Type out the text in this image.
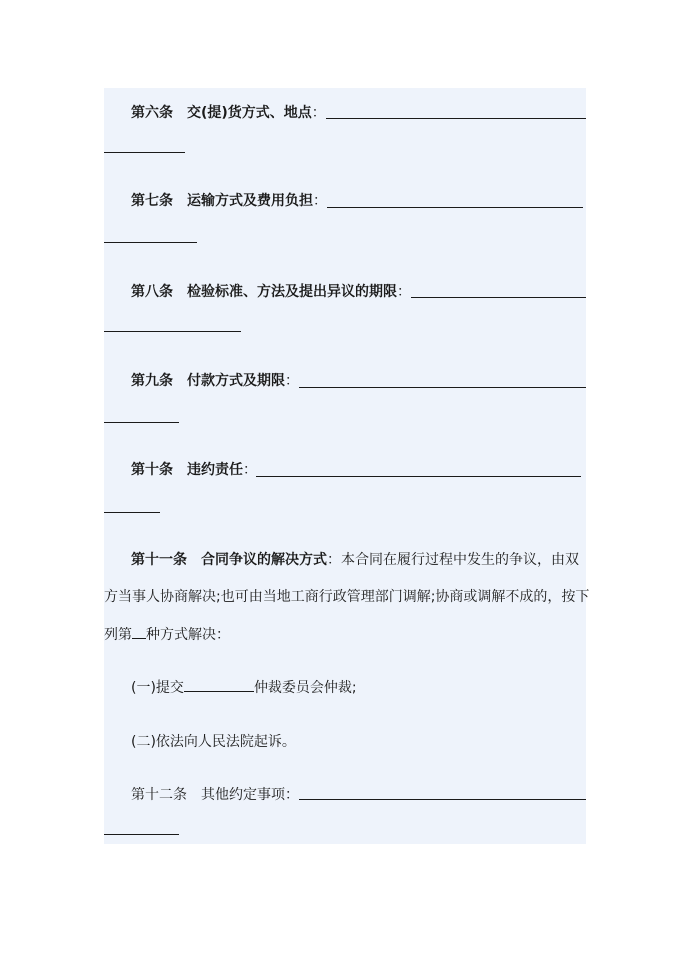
第六条 交(提)货方式、地点：
第七条 运输方式及费用负担：
第八条 检验标准、方法及提出异议的期限：
第九条 付款方式及期限：
第十条 违约责任：
第十一条 合同争议的解决方式：本合同在履行过程中发生的争议，由双
方当事人协商解决;也可由当地工商行政管理部门调解;协商或调解不成的，按下
列第 种方式解决：
(一)提交	仲裁委员会仲裁;
(二)依法向人民法院起诉。
第十二条 其他约定事项：
